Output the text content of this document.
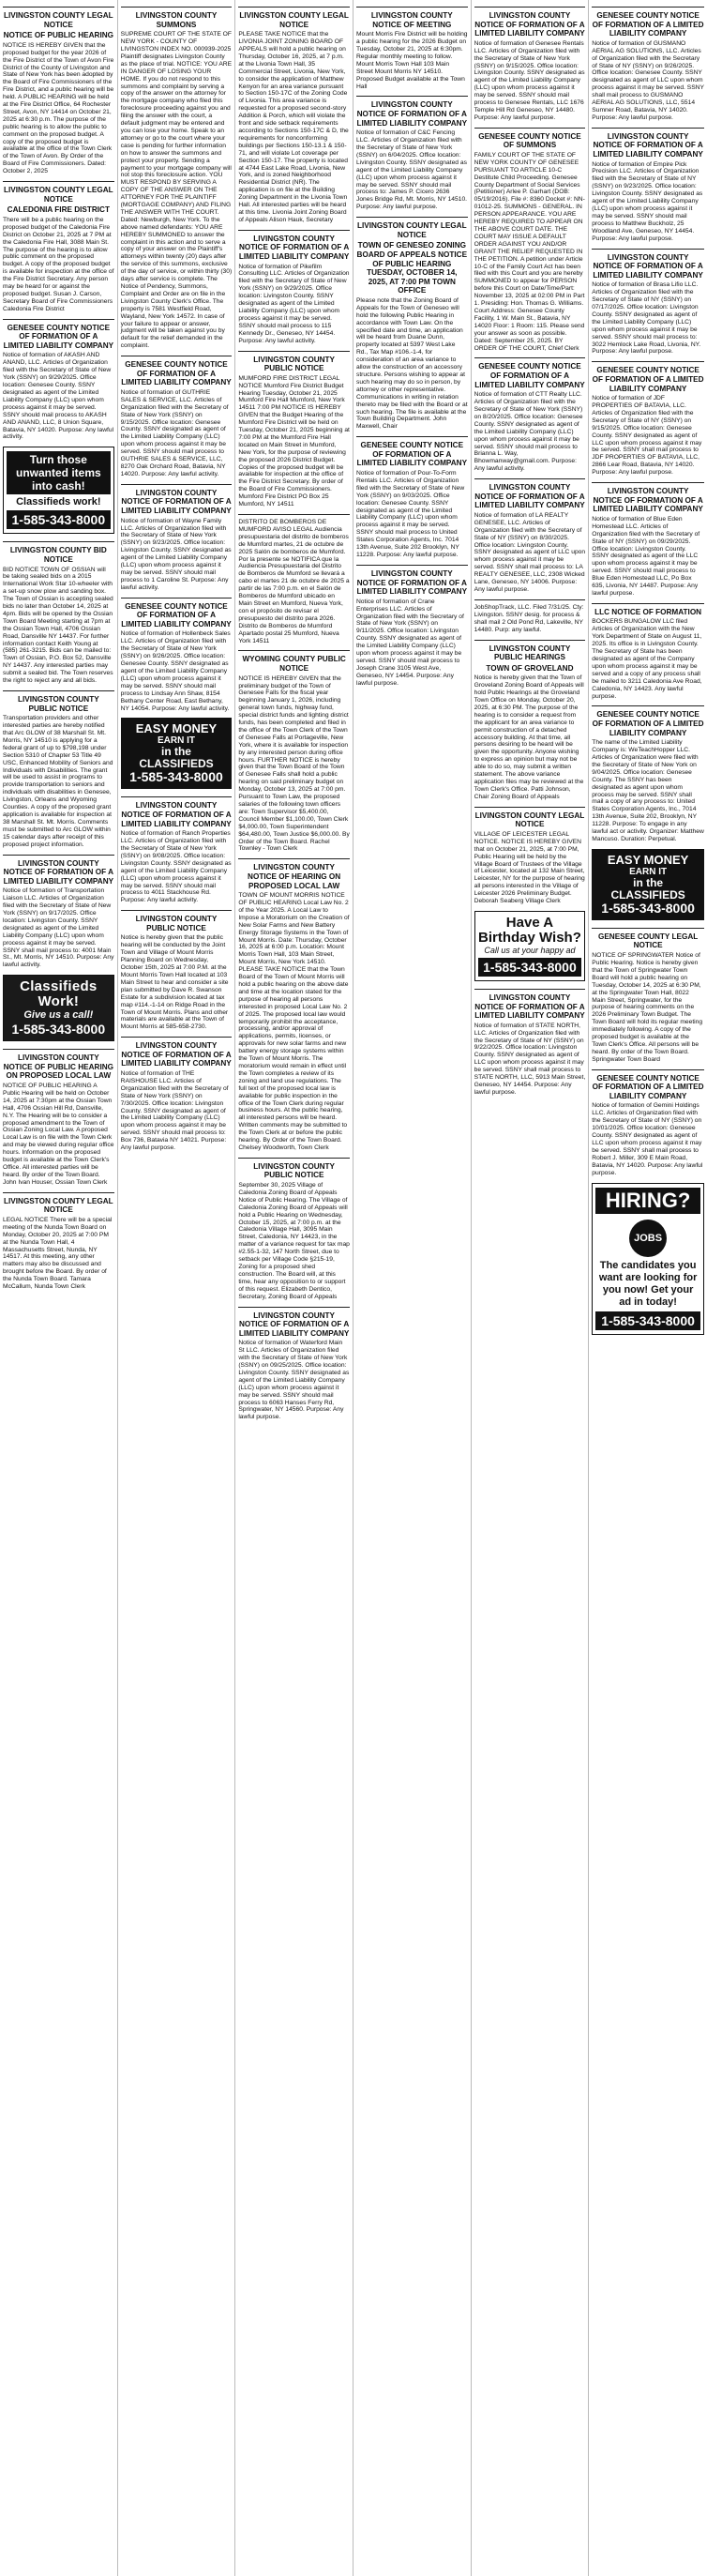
LIVINGSTON COUNTY LEGAL NOTICE
NOTICE OF PUBLIC HEARING
NOTICE IS HEREBY GIVEN that the proposed budget for the year 2026 of the Fire District of the Town of Avon Fire District of the County of Livingston and State of New York has been adopted by the Board of Fire Commissioners of the Fire District, and a public hearing will be held. A PUBLIC HEARING will be held at the Fire District Office, 64 Rochester Street, Avon, NY 14414 on October 21, 2025 at 6:30 p.m. The purpose of the public hearing is to allow the public to comment on the proposed budget. A copy of the proposed budget is available at the office of the Town Clerk of the Town of Avon. By Order of the Board of Fire Commissioners. Dated: October 2, 2025
LIVINGSTON COUNTY LEGAL NOTICE
CALEDONIA FIRE DISTRICT
There will be a public hearing on the proposed budget of the Caledonia Fire District on October 21, 2025 at 7 PM at the Caledonia Fire Hall, 3088 Main St. The purpose of the hearing is to allow public comment on the proposed budget. A copy of the proposed budget is available for inspection at the office of the Fire District Secretary. Any person may be heard for or against the proposed budget. Susan J. Carson, Secretary Board of Fire Commissioners Caledonia Fire District
GENESEE COUNTY NOTICE OF FORMATION OF A LIMITED LIABILITY COMPANY
Notice of formation of AKASH AND ANAND, LLC. Articles of Organization filed with the Secretary of State of New York (SSNY) on 9/29/2025. Office location: Genesee County. SSNY designated as agent of the Limited Liability Company (LLC) upon whom process against it may be served. SSNY should mail process to AKASH AND ANAND, LLC, 8 Union Square, Batavia, NY 14020. Purpose: Any lawful activity.
Turn those unwanted items into cash!
Classifieds work!
1-585-343-8000
LIVINGSTON COUNTY BID NOTICE
BID NOTICE TOWN OF OSSIAN will be taking sealed bids on a 2015 International Work Star 10-wheeler with a set-up snow plow and sanding box. The Town of Ossian is accepting sealed bids no later than October 14, 2025 at 4pm. Bids will be opened by the Ossian Town Board Meeting starting at 7pm at the Ossian Town Hall, 4706 Ossian Road, Dansville NY 14437. For further information contact Keith Young at (585) 261-3215. Bids can be mailed to: Town of Ossian, P.O. Box 52, Dansville NY 14437. Any interested parties may submit a sealed bid. The Town reserves the right to reject any and all bids.
LIVINGSTON COUNTY PUBLIC NOTICE
Transportation providers and other interested parties are hereby notified that Arc GLOW of 38 Marshall St. Mt. Morris, NY 14510 is applying for a federal grant of up to $798,198 under Section 5310 of Chapter 53 Title 49 USC, Enhanced Mobility of Seniors and Individuals with Disabilities. The grant will be used to assist in programs to provide transportation to seniors and individuals with disabilities in Genesee, Livingston, Orleans and Wyoming Counties. A copy of the proposed grant application is available for inspection at 38 Marshall St. Mt. Morris. Comments must be submitted to Arc GLOW within 15 calendar days after receipt of this proposed project information.
LIVINGSTON COUNTY NOTICE OF FORMATION OF A LIMITED LIABILITY COMPANY
Notice of formation of Transportation Liaison LLC. Articles of Organization filed with the Secretary of State of New York (SSNY) on 9/17/2025. Office location: Livingston County. SSNY designated as agent of the Limited Liability Company (LLC) upon whom process against it may be served. SSNY shall mail process to: 4001 Main St., Mt. Morris, NY 14510. Purpose: Any lawful activity.
Classifieds Work!
Give us a call!
1-585-343-8000
LIVINGSTON COUNTY NOTICE OF PUBLIC HEARING ON PROPOSED LOCAL LAW
NOTICE OF PUBLIC HEARING A Public Hearing will be held on October 14, 2025 at 7:30pm at the Ossian Town Hall, 4706 Ossian Hill Rd, Dansville, N.Y. The Hearing will be to consider a proposed amendment to the Town of Ossian Zoning Local Law. A proposed Local Law is on file with the Town Clerk and may be viewed during regular office hours. Information on the proposed budget is available at the Town Clerk's Office. All interested parties will be heard. By order of the Town Board. John Ivan Houser, Ossian Town Clerk
LIVINGSTON COUNTY LEGAL NOTICE
LEGAL NOTICE There will be a special meeting of the Nunda Town Board on Monday, October 20, 2025 at 7:00 PM at the Nunda Town Hall, 4 Massachusetts Street, Nunda, NY 14517. At this meeting, any other matters may also be discussed and brought before the Board. By order of the Nunda Town Board. Tamara McCallum, Nunda Town Clerk
LIVINGSTON COUNTY SUMMONS
SUPREME COURT OF THE STATE OF NEW YORK - COUNTY OF LIVINGSTON INDEX NO. 000939-2025 Plaintiff designates Livingston County as the place of trial. NOTICE: YOU ARE IN DANGER OF LOSING YOUR HOME. If you do not respond to this summons and complaint by serving a copy of the answer on the attorney for the mortgage company who filed this foreclosure proceeding against you and filing the answer with the court, a default judgment may be entered and you can lose your home. Speak to an attorney or go to the court where your case is pending for further information on how to answer the summons and protect your property. Sending a payment to your mortgage company will not stop this foreclosure action. YOU MUST RESPOND BY SERVING A COPY OF THE ANSWER ON THE ATTORNEY FOR THE PLAINTIFF (MORTGAGE COMPANY) AND FILING THE ANSWER WITH THE COURT. Dated: Newburgh, New York. To the above named defendants: YOU ARE HEREBY SUMMONED to answer the complaint in this action and to serve a copy of your answer on the Plaintiff's attorneys within twenty (20) days after the service of this summons, exclusive of the day of service, or within thirty (30) days after service is complete. The Notice of Pendency, Summons, Complaint and Order are on file in the Livingston County Clerk's Office. The property is 7581 Westfield Road, Wayland, New York 14572. In case of your failure to appear or answer, judgment will be taken against you by default for the relief demanded in the complaint.
GENESEE COUNTY NOTICE OF FORMATION OF A LIMITED LIABILITY COMPANY
Notice of formation of GUTHRIE SALES & SERVICE, LLC. Articles of Organization filed with the Secretary of State of New York (SSNY) on 9/15/2025. Office location: Genesee County. SSNY designated as agent of the Limited Liability Company (LLC) upon whom process against it may be served. SSNY should mail process to GUTHRIE SALES & SERVICE, LLC, 8270 Oak Orchard Road, Batavia, NY 14020. Purpose: Any lawful activity.
LIVINGSTON COUNTY NOTICE OF FORMATION OF A LIMITED LIABILITY COMPANY
Notice of formation of Wayne Family LLC. Articles of Organization filed with the Secretary of State of New York (SSNY) on 9/23/2025. Office location: Livingston County. SSNY designated as agent of the Limited Liability Company (LLC) upon whom process against it may be served. SSNY should mail process to 1 Caroline St. Purpose: Any lawful activity.
GENESEE COUNTY NOTICE OF FORMATION OF A LIMITED LIABILITY COMPANY
Notice of formation of Hollenbeck Sales LLC. Articles of Organization filed with the Secretary of State of New York (SSNY) on 9/26/2025. Office location: Genesee County. SSNY designated as agent of the Limited Liability Company (LLC) upon whom process against it may be served. SSNY should mail process to Lindsay Ann Shaw, 8154 Bethany Center Road, East Bethany, NY 14054. Purpose: Any lawful activity.
EASY MONEY
EARN IT
in the CLASSIFIEDS
1-585-343-8000
LIVINGSTON COUNTY NOTICE OF FORMATION OF A LIMITED LIABILITY COMPANY
Notice of formation of Ranch Properties LLC. Articles of Organization filed with the Secretary of State of New York (SSNY) on 9/08/2025. Office location: Livingston County. SSNY designated as agent of the Limited Liability Company (LLC) upon whom process against it may be served. SSNY should mail process to 4011 Stackhouse Rd. Purpose: Any lawful activity.
LIVINGSTON COUNTY PUBLIC NOTICE
Notice is hereby given that the public hearing will be conducted by the Joint Town and Village of Mount Morris Planning Board on Wednesday, October 15th, 2025 at 7:00 P.M. at the Mount Morris Town Hall located at 103 Main Street to hear and consider a site plan submitted by Dave R. Swanson Estate for a subdivision located at tax map #114.-1-14 on Ridge Road in the Town of Mount Morris. Plans and other materials are available at the Town of Mount Morris at 585-658-2730.
LIVINGSTON COUNTY NOTICE OF FORMATION OF A LIMITED LIABILITY COMPANY
Notice of formation of THE RAISHOUSE LLC. Articles of Organization filed with the Secretary of State of New York (SSNY) on 7/30/2025. Office location: Livingston County. SSNY designated as agent of the Limited Liability Company (LLC) upon whom process against it may be served. SSNY should mail process to: Box 736, Batavia NY 14021. Purpose: Any lawful purpose.
LIVINGSTON COUNTY LEGAL NOTICE
PLEASE TAKE NOTICE that the LIVONIA JOINT ZONING BOARD OF APPEALS will hold a public hearing on Thursday, October 16, 2025, at 7 p.m. at the Livonia Town Hall, 35 Commercial Street, Livonia, New York, to consider the application of Matthew Kenyon for an area variance pursuant to Section 150-17C of the Zoning Code of Livonia. This area variance is requested for a proposed second-story Addition & Porch, which will violate the front and side setback requirements according to Sections 150-17C & D, the requirements for nonconforming buildings per Sections 150-13.1 & 150-71, and will violate Lot coverage per Section 150-17. The property is located at 4744 East Lake Road, Livonia, New York, and is zoned Neighborhood Residential District (NR). The application is on file at the Building Zoning Department in the Livonia Town Hall. All interested parties will be heard at this time. Livonia Joint Zoning Board of Appeals Alison Hauk, Secretary
LIVINGSTON COUNTY NOTICE OF FORMATION OF A LIMITED LIABILITY COMPANY
Notice of formation of Pikefilm Consulting LLC. Articles of Organization filed with the Secretary of State of New York (SSNY) on 9/29/2025. Office location: Livingston County. SSNY designated as agent of the Limited Liability Company (LLC) upon whom process against it may be served. SSNY should mail process to 115 Kennedy Dr., Geneseo, NY 14454. Purpose: Any lawful activity.
LIVINGSTON COUNTY PUBLIC NOTICE
MUMFORD FIRE DISTRICT LEGAL NOTICE Mumford Fire District Budget Hearing Tuesday, October 21, 2025 Mumford Fire Hall Mumford, New York 14511 7:00 PM NOTICE IS HEREBY GIVEN that the Budget Hearing of the Mumford Fire District will be held on Tuesday, October 21, 2025 beginning at 7:00 PM at the Mumford Fire Hall located on Main Street in Mumford, New York, for the purpose of reviewing the proposed 2026 District Budget. Copies of the proposed budget will be available for inspection at the office of the Fire District Secretary. By order of the Board of Fire Commissioners. Mumford Fire District PO Box 25 Mumford, NY 14511
DISTRITO DE BOMBEROS DE MUMFORD AVISO LEGAL Audiencia presupuestaria del distrito de bomberos de Mumford martes, 21 de octubre de 2025 Salón de bomberos de Mumford. Por la presente se NOTIFICA que la Audiencia Presupuestaria del Distrito de Bomberos de Mumford se llevará a cabo el martes 21 de octubre de 2025 a partir de las 7:00 p.m. en el Salón de Bomberos de Mumford ubicado en Main Street en Mumford, Nueva York, con el propósito de revisar el presupuesto del distrito para 2026. Distrito de Bomberos de Mumford Apartado postal 25 Mumford, Nueva York 14511
WYOMING COUNTY PUBLIC NOTICE
NOTICE IS HEREBY GIVEN that the preliminary budget of the Town of Genesee Falls for the fiscal year beginning January 1, 2026, including general town funds, highway fund, special district funds and lighting district funds, has been completed and filed in the office of the Town Clerk of the Town of Genesee Falls at Portageville, New York, where it is available for inspection by any interested person during office hours. FURTHER NOTICE is hereby given that the Town Board of the Town of Genesee Falls shall hold a public hearing on said preliminary budget on Monday, October 13, 2025 at 7:00 pm. Pursuant to Town Law, the proposed salaries of the following town officers are: Town Supervisor $5,400.00, Council Member $1,100.00, Town Clerk $4,000.00, Town Superintendent $64,480.00, Town Justice $6,000.00. By Order of the Town Board. Rachel Townley - Town Clerk
LIVINGSTON COUNTY NOTICE OF HEARING ON PROPOSED LOCAL LAW
TOWN OF MOUNT MORRIS NOTICE OF PUBLIC HEARING Local Law No. 2 of the Year 2025. A Local Law to Impose a Moratorium on the Creation of New Solar Farms and New Battery Energy Storage Systems in the Town of Mount Morris. Date: Thursday, October 16, 2025 at 6:00 p.m. Location: Mount Morris Town Hall, 103 Main Street, Mount Morris, New York 14510. PLEASE TAKE NOTICE that the Town Board of the Town of Mount Morris will hold a public hearing on the above date and time at the location stated for the purpose of hearing all persons interested in proposed Local Law No. 2 of 2025. The proposed local law would temporarily prohibit the acceptance, processing, and/or approval of applications, permits, licenses, or approvals for new solar farms and new battery energy storage systems within the Town of Mount Morris. The moratorium would remain in effect until the Town completes a review of its zoning and land use regulations. The full text of the proposed local law is available for public inspection in the office of the Town Clerk during regular business hours. At the public hearing, all interested persons will be heard. Written comments may be submitted to the Town Clerk at or before the public hearing. By Order of the Town Board. Chelsey Woodworth, Town Clerk
LIVINGSTON COUNTY PUBLIC NOTICE
September 30, 2025 Village of Caledonia Zoning Board of Appeals Notice of Public Hearing. The Village of Caledonia Zoning Board of Appeals will hold a Public Hearing on Wednesday, October 15, 2025, at 7:00 p.m. at the Caledonia Village Hall, 3095 Main Street, Caledonia, NY 14423, in the matter of a variance request for tax map #2.55-1-32, 147 North Street, due to setback per Village Code §215-19, Zoning for a proposed shed construction. The Board will, at this time, hear any opposition to or support of this request. Elizabeth Dentico, Secretary, Zoning Board of Appeals
LIVINGSTON COUNTY NOTICE OF FORMATION OF A LIMITED LIABILITY COMPANY
Notice of formation of Waterford Main St LLC. Articles of Organization filed with the Secretary of State of New York (SSNY) on 09/25/2025. Office location: Livingston County. SSNY designated as agent of the Limited Liability Company (LLC) upon whom process against it may be served. SSNY should mail process to 6063 Hanses Ferry Rd, Springwater, NY 14560. Purpose: Any lawful purpose.
LIVINGSTON COUNTY NOTICE OF MEETING
Mount Morris Fire District will be holding a public hearing for the 2026 Budget on Tuesday, October 21, 2025 at 6:30pm. Regular monthly meeting to follow. Mount Morris Town Hall 103 Main Street Mount Morris NY 14510. Proposed Budget available at the Town Hall
LIVINGSTON COUNTY NOTICE OF FORMATION OF A LIMITED LIABILITY COMPANY
Notice of formation of C&C Fencing LLC. Articles of Organization filed with the Secretary of State of New York (SSNY) on 6/04/2025. Office location: Livingston County. SSNY designated as agent of the Limited Liability Company (LLC) upon whom process against it may be served. SSNY should mail process to: James P. Cicero 2636 Jones Bridge Rd, Mt. Morris, NY 14510. Purpose: Any lawful purpose.
LIVINGSTON COUNTY LEGAL NOTICE
TOWN OF GENESEO ZONING BOARD OF APPEALS NOTICE OF PUBLIC HEARING TUESDAY, OCTOBER 14, 2025, AT 7:00 PM TOWN OFFICE
Please note that the Zoning Board of Appeals for the Town of Geneseo will hold the following Public Hearing in accordance with Town Law. On the specified date and time, an application will be heard from Duane Dunn, property located at 5397 West Lake Rd., Tax Map #106.-1-4, for consideration of an area variance to allow the construction of an accessory structure. Persons wishing to appear at such hearing may do so in person, by attorney or other representative. Communications in writing in relation thereto may be filed with the Board or at such hearing. The file is available at the Town Building Department. John Maxwell, Chair
GENESEE COUNTY NOTICE OF FORMATION OF A LIMITED LIABILITY COMPANY
Notice of formation of Pour-To-Form Rentals LLC. Articles of Organization filed with the Secretary of State of New York (SSNY) on 9/03/2025. Office location: Genesee County. SSNY designated as agent of the Limited Liability Company (LLC) upon whom process against it may be served. SSNY should mail process to United States Corporation Agents, Inc. 7014 13th Avenue, Suite 202 Brooklyn, NY 11228. Purpose: Any lawful purpose.
LIVINGSTON COUNTY NOTICE OF FORMATION OF A LIMITED LIABILITY COMPANY
Notice of formation of Crane Enterprises LLC. Articles of Organization filed with the Secretary of State of New York (SSNY) on 9/11/2025. Office location: Livingston County. SSNY designated as agent of the Limited Liability Company (LLC) upon whom process against it may be served. SSNY should mail process to Joseph Crane 3105 West Ave, Geneseo, NY 14454. Purpose: Any lawful purpose.
LIVINGSTON COUNTY NOTICE OF FORMATION OF A LIMITED LIABILITY COMPANY
Notice of formation of Genesee Rentals LLC. Articles of Organization filed with the Secretary of State of New York (SSNY) on 9/15/2025. Office location: Livingston County. SSNY designated as agent of the Limited Liability Company (LLC) upon whom process against it may be served. SSNY should mail process to Genesee Rentals, LLC 1676 Temple Hill Rd Geneseo, NY 14480. Purpose: Any lawful purpose.
GENESEE COUNTY NOTICE OF SUMMONS
FAMILY COURT OF THE STATE OF NEW YORK COUNTY OF GENESEE PURSUANT TO ARTICLE 10-C Destitute Child Proceeding. Genesee County Department of Social Services (Petitioner) Arlee P. Garhart (DOB: 05/19/2016). File #: 8360 Docket #: NN-01012-25. SUMMONS - GENERAL. IN PERSON APPEARANCE. YOU ARE HEREBY REQUIRED TO APPEAR ON THE ABOVE COURT DATE. THE COURT MAY ISSUE A DEFAULT ORDER AGAINST YOU AND/OR GRANT THE RELIEF REQUESTED IN THE PETITION. A petition under Article 10-C of the Family Court Act has been filed with this Court and you are hereby SUMMONED to appear for PERSON before this Court on Date/Time/Part: November 13, 2025 at 02:00 PM in Part 1. Presiding: Hon. Thomas G. Williams. Court Address: Genesee County Facility, 1 W. Main St., Batavia, NY 14020 Floor: 1 Room: 115. Please send your answer as soon as possible. Dated: September 25, 2025. BY ORDER OF THE COURT, Chief Clerk
GENESEE COUNTY NOTICE OF FORMATION OF A LIMITED LIABILITY COMPANY
Notice of formation of CTT Realty LLC. Articles of Organization filed with the Secretary of State of New York (SSNY) on 8/20/2025. Office location: Genesee County. SSNY designated as agent of the Limited Liability Company (LLC) upon whom process against it may be served. SSNY should mail process to Brianna L. Way, Bhowmanway@gmail.com. Purpose: Any lawful activity.
LIVINGSTON COUNTY NOTICE OF FORMATION OF A LIMITED LIABILITY COMPANY
Notice of formation of LA REALTY GENESEE, LLC. Articles of Organization filed with the Secretary of State of NY (SSNY) on 8/30/2025. Office location: Livingston County. SSNY designated as agent of LLC upon whom process against it may be served. SSNY shall mail process to: LA REALTY GENESEE, LLC, 2308 Wicked Lane, Geneseo, NY 14006. Purpose: Any lawful purpose.
JobShopTrack, LLC. Filed 7/31/25. Cty: Livingston. SSNY desig. for process & shall mail 2 Old Pond Rd, Lakeville, NY 14480. Purp: any lawful.
LIVINGSTON COUNTY PUBLIC HEARINGS
TOWN OF GROVELAND
Notice is hereby given that the Town of Groveland Zoning Board of Appeals will hold Public Hearings at the Groveland Town Office on Monday, October 20, 2025, at 6:30 PM. The purpose of the hearing is to consider a request from the applicant for an area variance to permit construction of a detached accessory building. At that time, all persons desiring to be heard will be given the opportunity. Anyone wishing to express an opinion but may not be able to do so, may submit a written statement. The above variance application files may be reviewed at the Town Clerk's Office. Patti Johnson, Chair Zoning Board of Appeals
LIVINGSTON COUNTY LEGAL NOTICE
VILLAGE OF LEICESTER LEGAL NOTICE. NOTICE IS HEREBY GIVEN that on October 21, 2025, at 7:00 PM, Public Hearing will be held by the Village Board of Trustees of the Village of Leicester, located at 132 Main Street, Leicester, NY for the purpose of hearing all persons interested in the Village of Leicester 2026 Preliminary Budget. Deborah Seaberg Village Clerk
Have A Birthday Wish?
Call us at your happy ad
1-585-343-8000
LIVINGSTON COUNTY NOTICE OF FORMATION OF A LIMITED LIABILITY COMPANY
Notice of formation of STATE NORTH, LLC. Articles of Organization filed with the Secretary of State of NY (SSNY) on 9/22/2025. Office location: Livingston County. SSNY designated as agent of LLC upon whom process against it may be served. SSNY shall mail process to STATE NORTH, LLC, 5913 Main Street, Geneseo, NY 14454. Purpose: Any lawful purpose.
GENESEE COUNTY NOTICE OF FORMATION OF A LIMITED LIABILITY COMPANY
Notice of formation of GUSMANO AERIAL AG SOLUTIONS, LLC. Articles of Organization filed with the Secretary of State of NY (SSNY) on 9/26/2025. Office location: Genesee County. SSNY designated as agent of LLC upon whom process against it may be served. SSNY shall mail process to GUSMANO AERIAL AG SOLUTIONS, LLC, 5514 Sumner Road, Batavia, NY 14020. Purpose: Any lawful purpose.
LIVINGSTON COUNTY NOTICE OF FORMATION OF A LIMITED LIABILITY COMPANY
Notice of formation of Empire Pick Precision LLC. Articles of Organization filed with the Secretary of State of NY (SSNY) on 9/23/2025. Office location: Livingston County. SSNY designated as agent of the Limited Liability Company (LLC) upon whom process against it may be served. SSNY should mail process to Matthew Buckholz, 25 Woodland Ave, Geneseo, NY 14454. Purpose: Any lawful purpose.
LIVINGSTON COUNTY NOTICE OF FORMATION OF A LIMITED LIABILITY COMPANY
Notice of formation of Brasa Lifio LLC. Articles of Organization filed with the Secretary of State of NY (SSNY) on 07/17/2025. Office location: Livingston County. SSNY designated as agent of the Limited Liability Company (LLC) upon whom process against it may be served. SSNY should mail process to: 3022 Hemlock Lake Road, Livonia, NY. Purpose: Any lawful purpose.
GENESEE COUNTY NOTICE OF FORMATION OF A LIMITED LIABILITY COMPANY
Notice of formation of JDF PROPERTIES OF BATAVIA, LLC. Articles of Organization filed with the Secretary of State of NY (SSNY) on 9/15/2025. Office location: Genesee County. SSNY designated as agent of LLC upon whom process against it may be served. SSNY shall mail process to JDF PROPERTIES OF BATAVIA, LLC, 2866 Lear Road, Batavia, NY 14020. Purpose: Any lawful purpose.
LIVINGSTON COUNTY NOTICE OF FORMATION OF A LIMITED LIABILITY COMPANY
Notice of formation of Blue Eden Homestead LLC. Articles of Organization filed with the Secretary of State of NY (SSNY) on 09/29/2025. Office location: Livingston County. SSNY designated as agent of the LLC upon whom process against it may be served. SSNY should mail process to Blue Eden Homestead LLC, Po Box 635, Livonia, NY 14487. Purpose: Any lawful purpose.
LLC NOTICE OF FORMATION
BOCKERS BUNGALOW LLC filed Articles of Organization with the New York Department of State on August 11, 2025. Its office is in Livingston County. The Secretary of State has been designated as agent of the Company upon whom process against it may be served and a copy of any process shall be mailed to 3211 Caledonia Ave Road, Caledonia, NY 14423. Any lawful purpose.
GENESEE COUNTY NOTICE OF FORMATION OF A LIMITED LIABILITY COMPANY
The name of the Limited Liability Company is: WeTeachHopper LLC. Articles of Organization were filed with the Secretary of State of New York on 9/04/2025. Office location: Genesee County. The SSNY has been designated as agent upon whom process may be served. SSNY shall mail a copy of any process to: United States Corporation Agents, Inc., 7014 13th Avenue, Suite 202, Brooklyn, NY 11228. Purpose: To engage in any lawful act or activity. Organizer: Matthew Mancuso. Duration: Perpetual.
EASY MONEY
EARN IT
in the CLASSIFIEDS
1-585-343-8000
GENESEE COUNTY LEGAL NOTICE
NOTICE OF SPRINGWATER Notice of Public Hearing. Notice is hereby given that the Town of Springwater Town Board will hold a public hearing on Tuesday, October 14, 2025 at 6:30 PM, at the Springwater Town Hall, 8022 Main Street, Springwater, for the purpose of hearing comments on the 2026 Preliminary Town Budget. The Town Board will hold its regular meeting immediately following. A copy of the proposed budget is available at the Town Clerk's Office. All persons will be heard. By order of the Town Board. Springwater Town Board
GENESEE COUNTY NOTICE OF FORMATION OF A LIMITED LIABILITY COMPANY
Notice of formation of Gemini Holdings LLC. Articles of Organization filed with the Secretary of State of NY (SSNY) on 10/01/2025. Office location: Genesee County. SSNY designated as agent of LLC upon whom process against it may be served. SSNY shall mail process to Robert J. Miller, 309 E Main Road, Batavia, NY 14020. Purpose: Any lawful purpose.
HIRING?
JOBS
The candidates you want are looking for you now! Get your ad in today!
1-585-343-8000
